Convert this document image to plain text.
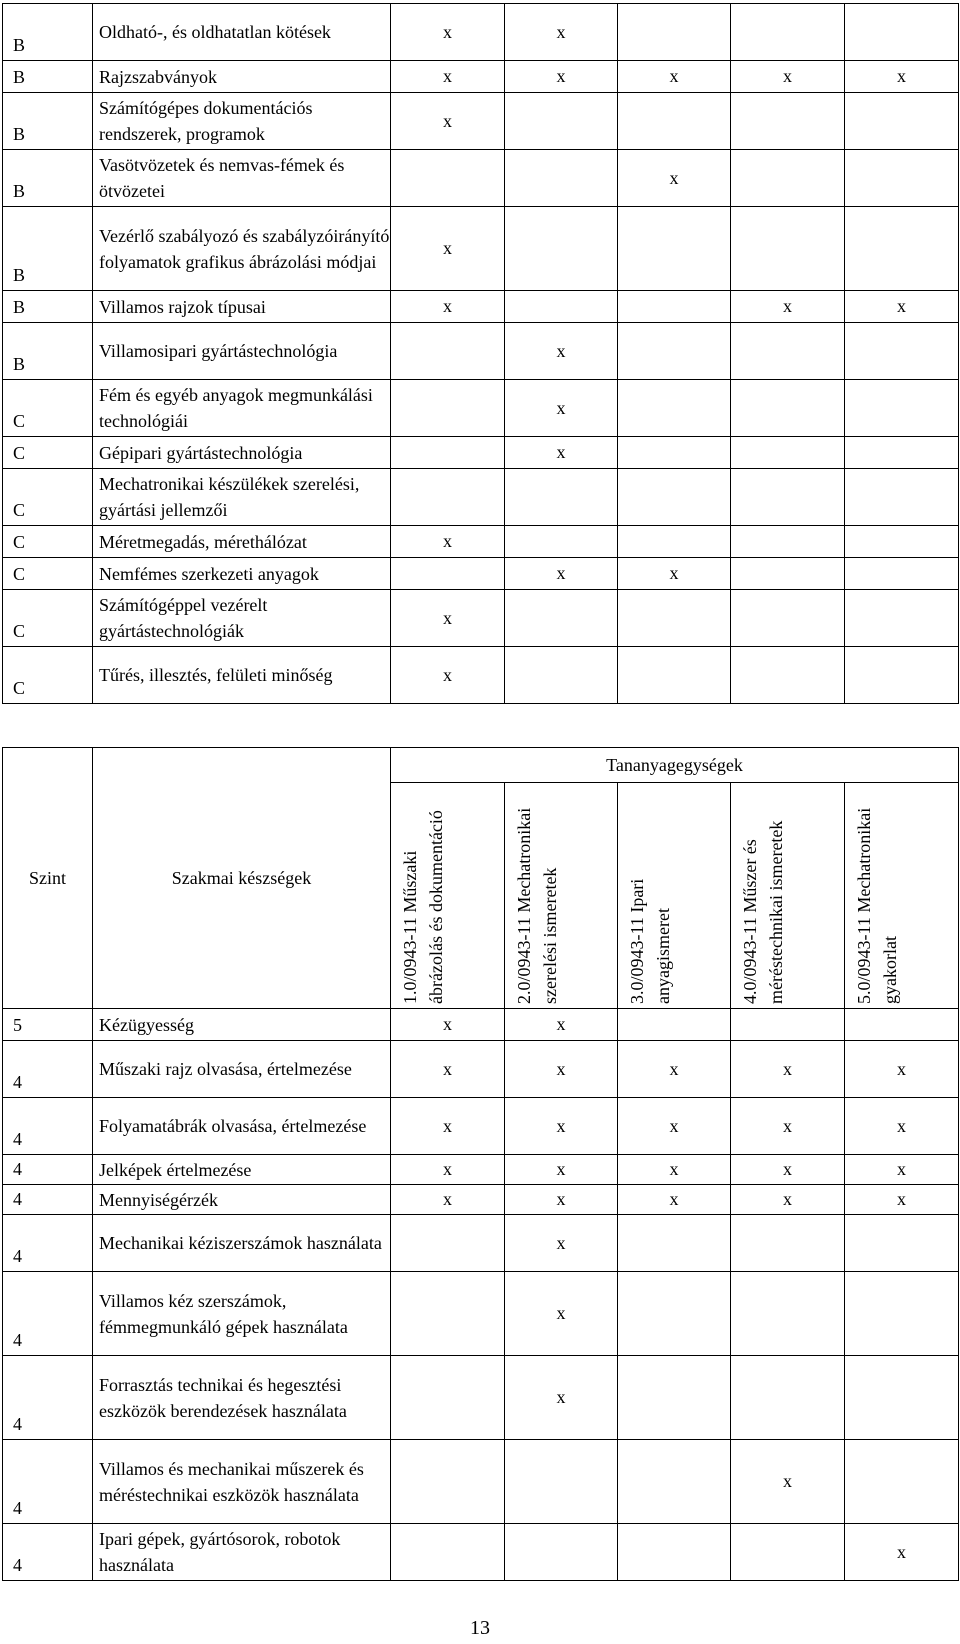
B	Oldható-, és oldhatatlan kötések	x	x			
B	Rajzszabványok	x	x	x	x	x
B	Számítógépes dokumentációs rendszerek, programok	x				
B	Vasötvözetek és nemvas-fémek és ötvözetei			x		
B	Vezérlő szabályozó és szabályzóirányító folyamatok grafikus ábrázolási módjai	x				
B	Villamos rajzok típusai	x			x	x
B	Villamosipari gyártástechnológia		x			
C	Fém és egyéb anyagok megmunkálási technológiái		x			
C	Gépipari gyártástechnológia		x			
C	Mechatronikai készülékek szerelési, gyártási jellemzői					
C	Méretmegadás, mérethálózat	x				
C	Nemfémes szerkezeti anyagok		x	x		
C	Számítógéppel vezérelt gyártástechnológiák	x				
C	Tűrés, illesztés, felületi minőség	x				
Szint	Szakmai készségek	Tananyagegységek				

		1.0/0943-11 Műszaki ábrázolás és dokumentáció	2.0/0943-11 Mechatronikai szerelési ismeretek	3.0/0943-11 Ipari anyagismeret	4.0/0943-11 Műszer és méréstechnikai ismeretek	5.0/0943-11 Mechatronikai gyakorlat

5	Kézügyesség	x	x			
4	Műszaki rajz olvasása, értelmezése	x	x	x	x	x
4	Folyamatábrák olvasása, értelmezése	x	x	x	x	x
4	Jelképek értelmezése	x	x	x	x	x
4	Mennyiségérzék	x	x	x	x	x
4	Mechanikai kéziszerszámok használata		x			
4	Villamos kéz szerszámok, fémmegmunkáló gépek használata		x			
4	Forrasztás technikai és hegesztési eszközök berendezések használata		x			
4	Villamos és mechanikai műszerek és méréstechnikai eszközök használata				x	
4	Ipari gépek, gyártósorok, robotok használata					x
13
